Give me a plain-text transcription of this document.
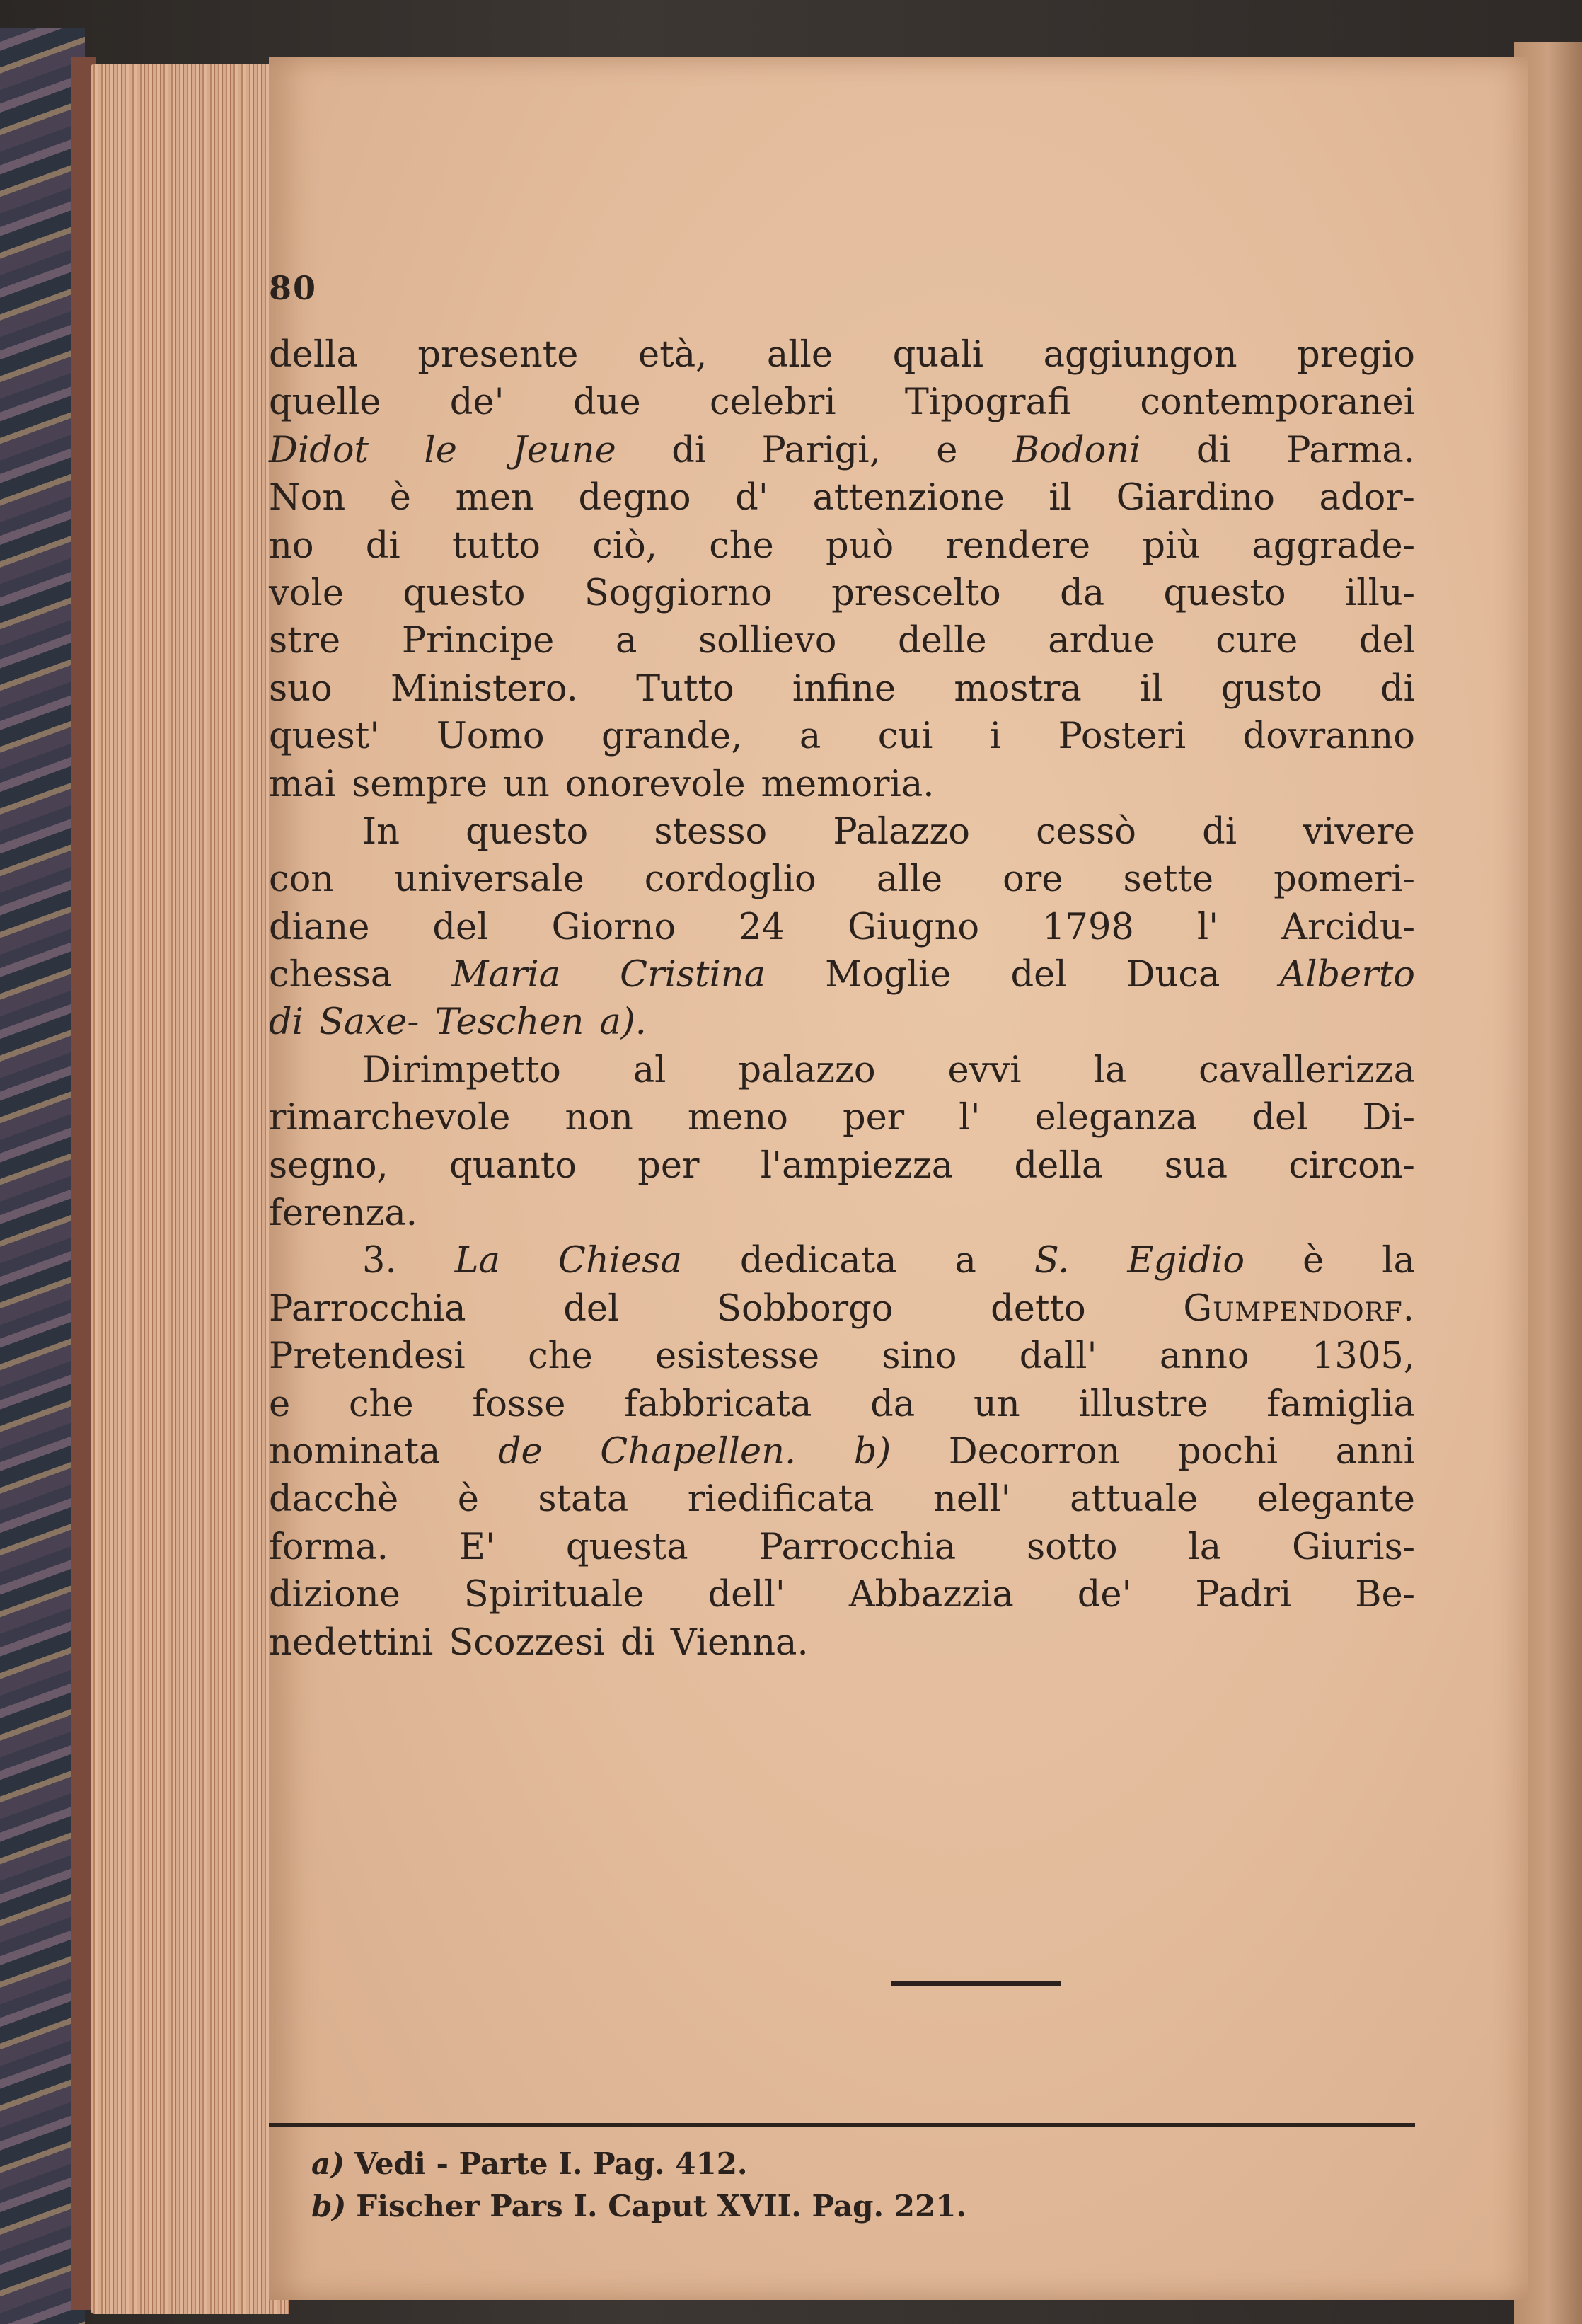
80
della presente età, alle quali aggiungon pregio
quelle de' due celebri Tipografi contemporanei
Didot le Jeune di Parigi, e Bodoni di Parma.
Non è men degno d' attenzione il Giardino ador-
no di tutto ciò, che può rendere più aggrade-
vole questo Soggiorno prescelto da questo illu-
stre Principe a sollievo delle ardue cure del
suo Ministero. Tutto infine mostra il gusto di
quest' Uomo grande, a cui i Posteri dovranno
mai sempre un onorevole memoria.
In questo stesso Palazzo cessò di vivere
con universale cordoglio alle ore sette pomeri-
diane del Giorno 24 Giugno 1798 l' Arcidu-
chessa Maria Cristina Moglie del Duca Alberto
di Saxe- Teschen a).
Dirimpetto al palazzo evvi la cavallerizza
rimarchevole non meno per l' eleganza del Di-
segno, quanto per l'ampiezza della sua circon-
ferenza.
3. La Chiesa dedicata a S. Egidio è la
Parrocchia	del	Sobborgo	detto	Gumpendorf.
Pretendesi che esistesse sino dall' anno 1305,
e che fosse fabbricata da un illustre famiglia
nominata de Chapellen. b) Decorron pochi anni
dacchè è stata riedificata nell' attuale elegante
forma. E' questa Parrocchia sotto la Giuris-
dizione Spirituale dell' Abbazzia de' Padri Be-
nedettini Scozzesi di Vienna.
a) Vedi - Parte I. Pag. 412.
b) Fischer Pars I. Caput XVII. Pag. 221.
